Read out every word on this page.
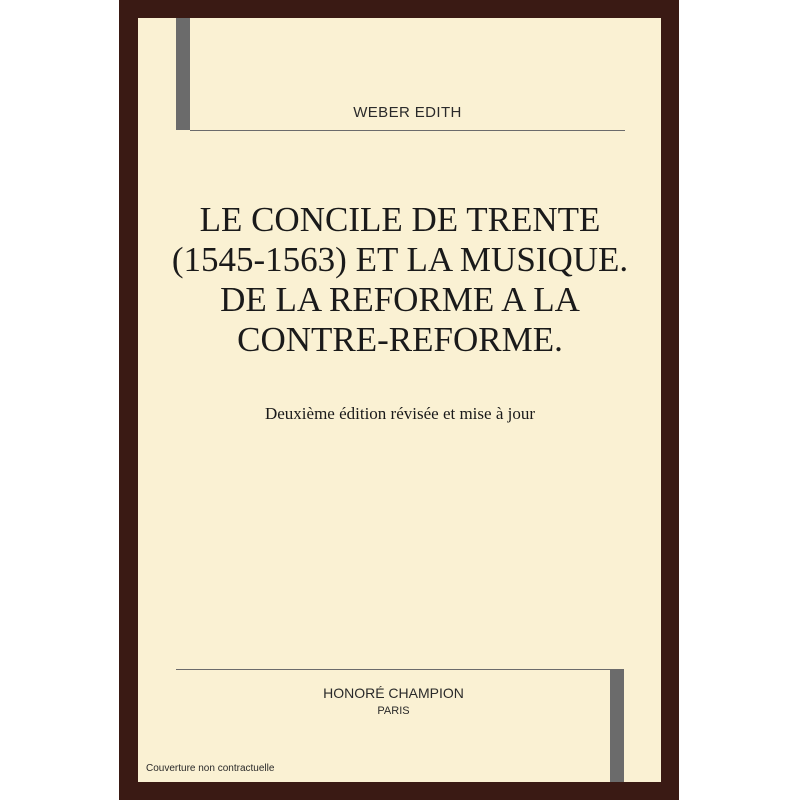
WEBER EDITH
LE CONCILE DE TRENTE (1545-1563) ET LA MUSIQUE. DE LA REFORME A LA CONTRE-REFORME.
Deuxième édition révisée et mise à jour
HONORÉ CHAMPION
PARIS
Couverture non contractuelle
